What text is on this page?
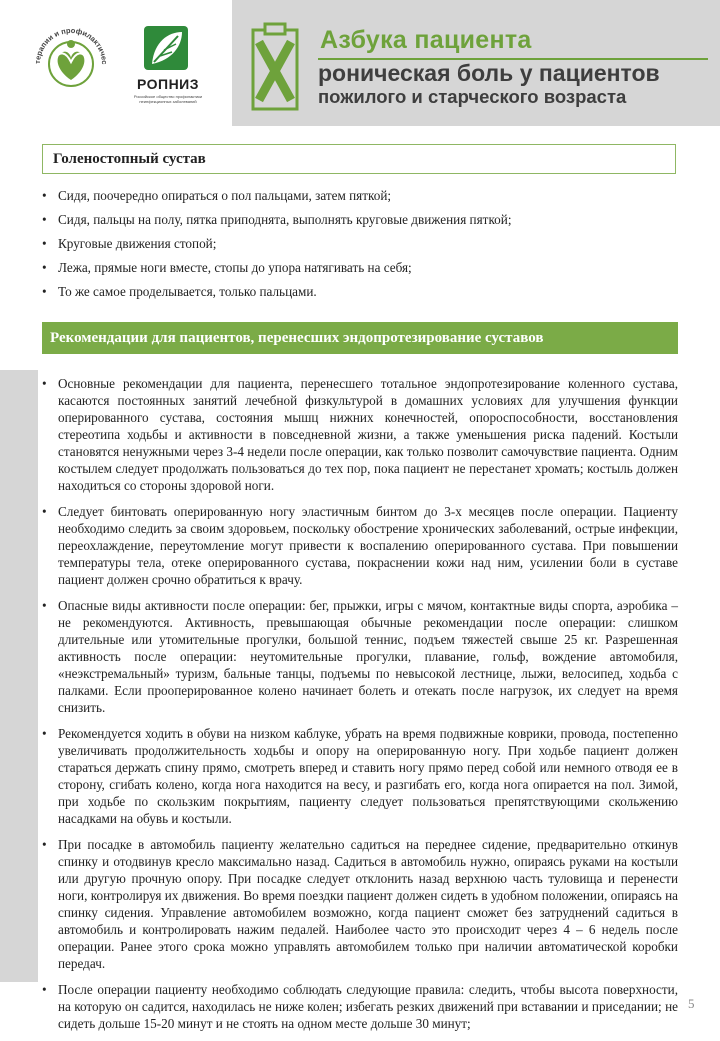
терапии и профилактичес
РОПНИЗ
Российское общество профилактики неинфекционных заболеваний
Азбука пациента
роническая боль у пациентов
пожилого и старческого возраста
Голеностопный сустав
• Сидя, поочередно опираться о пол пальцами, затем пяткой;
• Сидя, пальцы на полу, пятка приподнята, выполнять круговые движения пяткой;
• Круговые движения стопой;
• Лежа, прямые ноги вместе, стопы до упора натягивать на себя;
• То же самое проделывается, только пальцами.
Рекомендации для пациентов, перенесших эндопротезирование суставов
• Основные рекомендации для пациента, перенесшего тотальное эндопротезирование коленного сустава, касаются постоянных занятий лечебной физкультурой в домашних условиях для улучшения функции оперированного сустава, состояния мышц нижних конечностей, опороспособности, восстановления стереотипа ходьбы и активности в повседневной жизни, а также уменьшения риска падений. Костыли становятся ненужными через 3-4 недели после операции, как только позволит самочувствие пациента. Одним костылем следует продолжать пользоваться до тех пор, пока пациент не перестанет хромать; костыль должен находиться со стороны здоровой ноги.
• Следует бинтовать оперированную ногу эластичным бинтом до 3-х месяцев после операции. Пациенту необходимо следить за своим здоровьем, поскольку обострение хронических заболеваний, острые инфекции, переохлаждение, переутомление могут привести к воспалению оперированного сустава. При повышении температуры тела, отеке оперированного сустава, покраснении кожи над ним, усилении боли в суставе пациент должен срочно обратиться к врачу.
• Опасные виды активности после операции: бег, прыжки, игры с мячом, контактные виды спорта, аэробика – не рекомендуются. Активность, превышающая обычные рекомендации после операции: слишком длительные или утомительные прогулки, большой теннис, подъем тяжестей свыше 25 кг. Разрешенная активность после операции: неутомительные прогулки, плавание, гольф, вождение автомобиля, «неэкстремальный» туризм, бальные танцы, подъемы по невысокой лестнице, лыжи, велосипед, ходьба с палками. Если прооперированное колено начинает болеть и отекать после нагрузок, их следует на время снизить.
• Рекомендуется ходить в обуви на низком каблуке, убрать на время подвижные коврики, провода, постепенно увеличивать продолжительность ходьбы и опору на оперированную ногу. При ходьбе пациент должен стараться держать спину прямо, смотреть вперед и ставить ногу прямо перед собой или немного отводя ее в сторону, сгибать колено, когда нога находится на весу, и разгибать его, когда нога опирается на пол. Зимой, при ходьбе по скользким покрытиям, пациенту следует пользоваться препятствующими скольжению насадками на обувь и костыли.
• При посадке в автомобиль пациенту желательно садиться на переднее сидение, предварительно откинув спинку и отодвинув кресло максимально назад. Садиться в автомобиль нужно, опираясь руками на костыли или другую прочную опору. При посадке следует отклонить назад верхнюю часть туловища и перенести ноги, контролируя их движения. Во время поездки пациент должен сидеть в удобном положении, опираясь на спинку сидения. Управление автомобилем возможно, когда пациент сможет без затруднений садиться в автомобиль и контролировать нажим педалей. Наиболее часто это происходит через 4 – 6 недель после операции. Ранее этого срока можно управлять автомобилем только при наличии автоматической коробки передач.
• После операции пациенту необходимо соблюдать следующие правила: следить, чтобы высота поверхности, на которую он садится, находилась не ниже колен; избегать резких движений при вставании и приседании; не сидеть дольше 15-20 минут и не стоять на одном месте дольше 30 минут;
5
